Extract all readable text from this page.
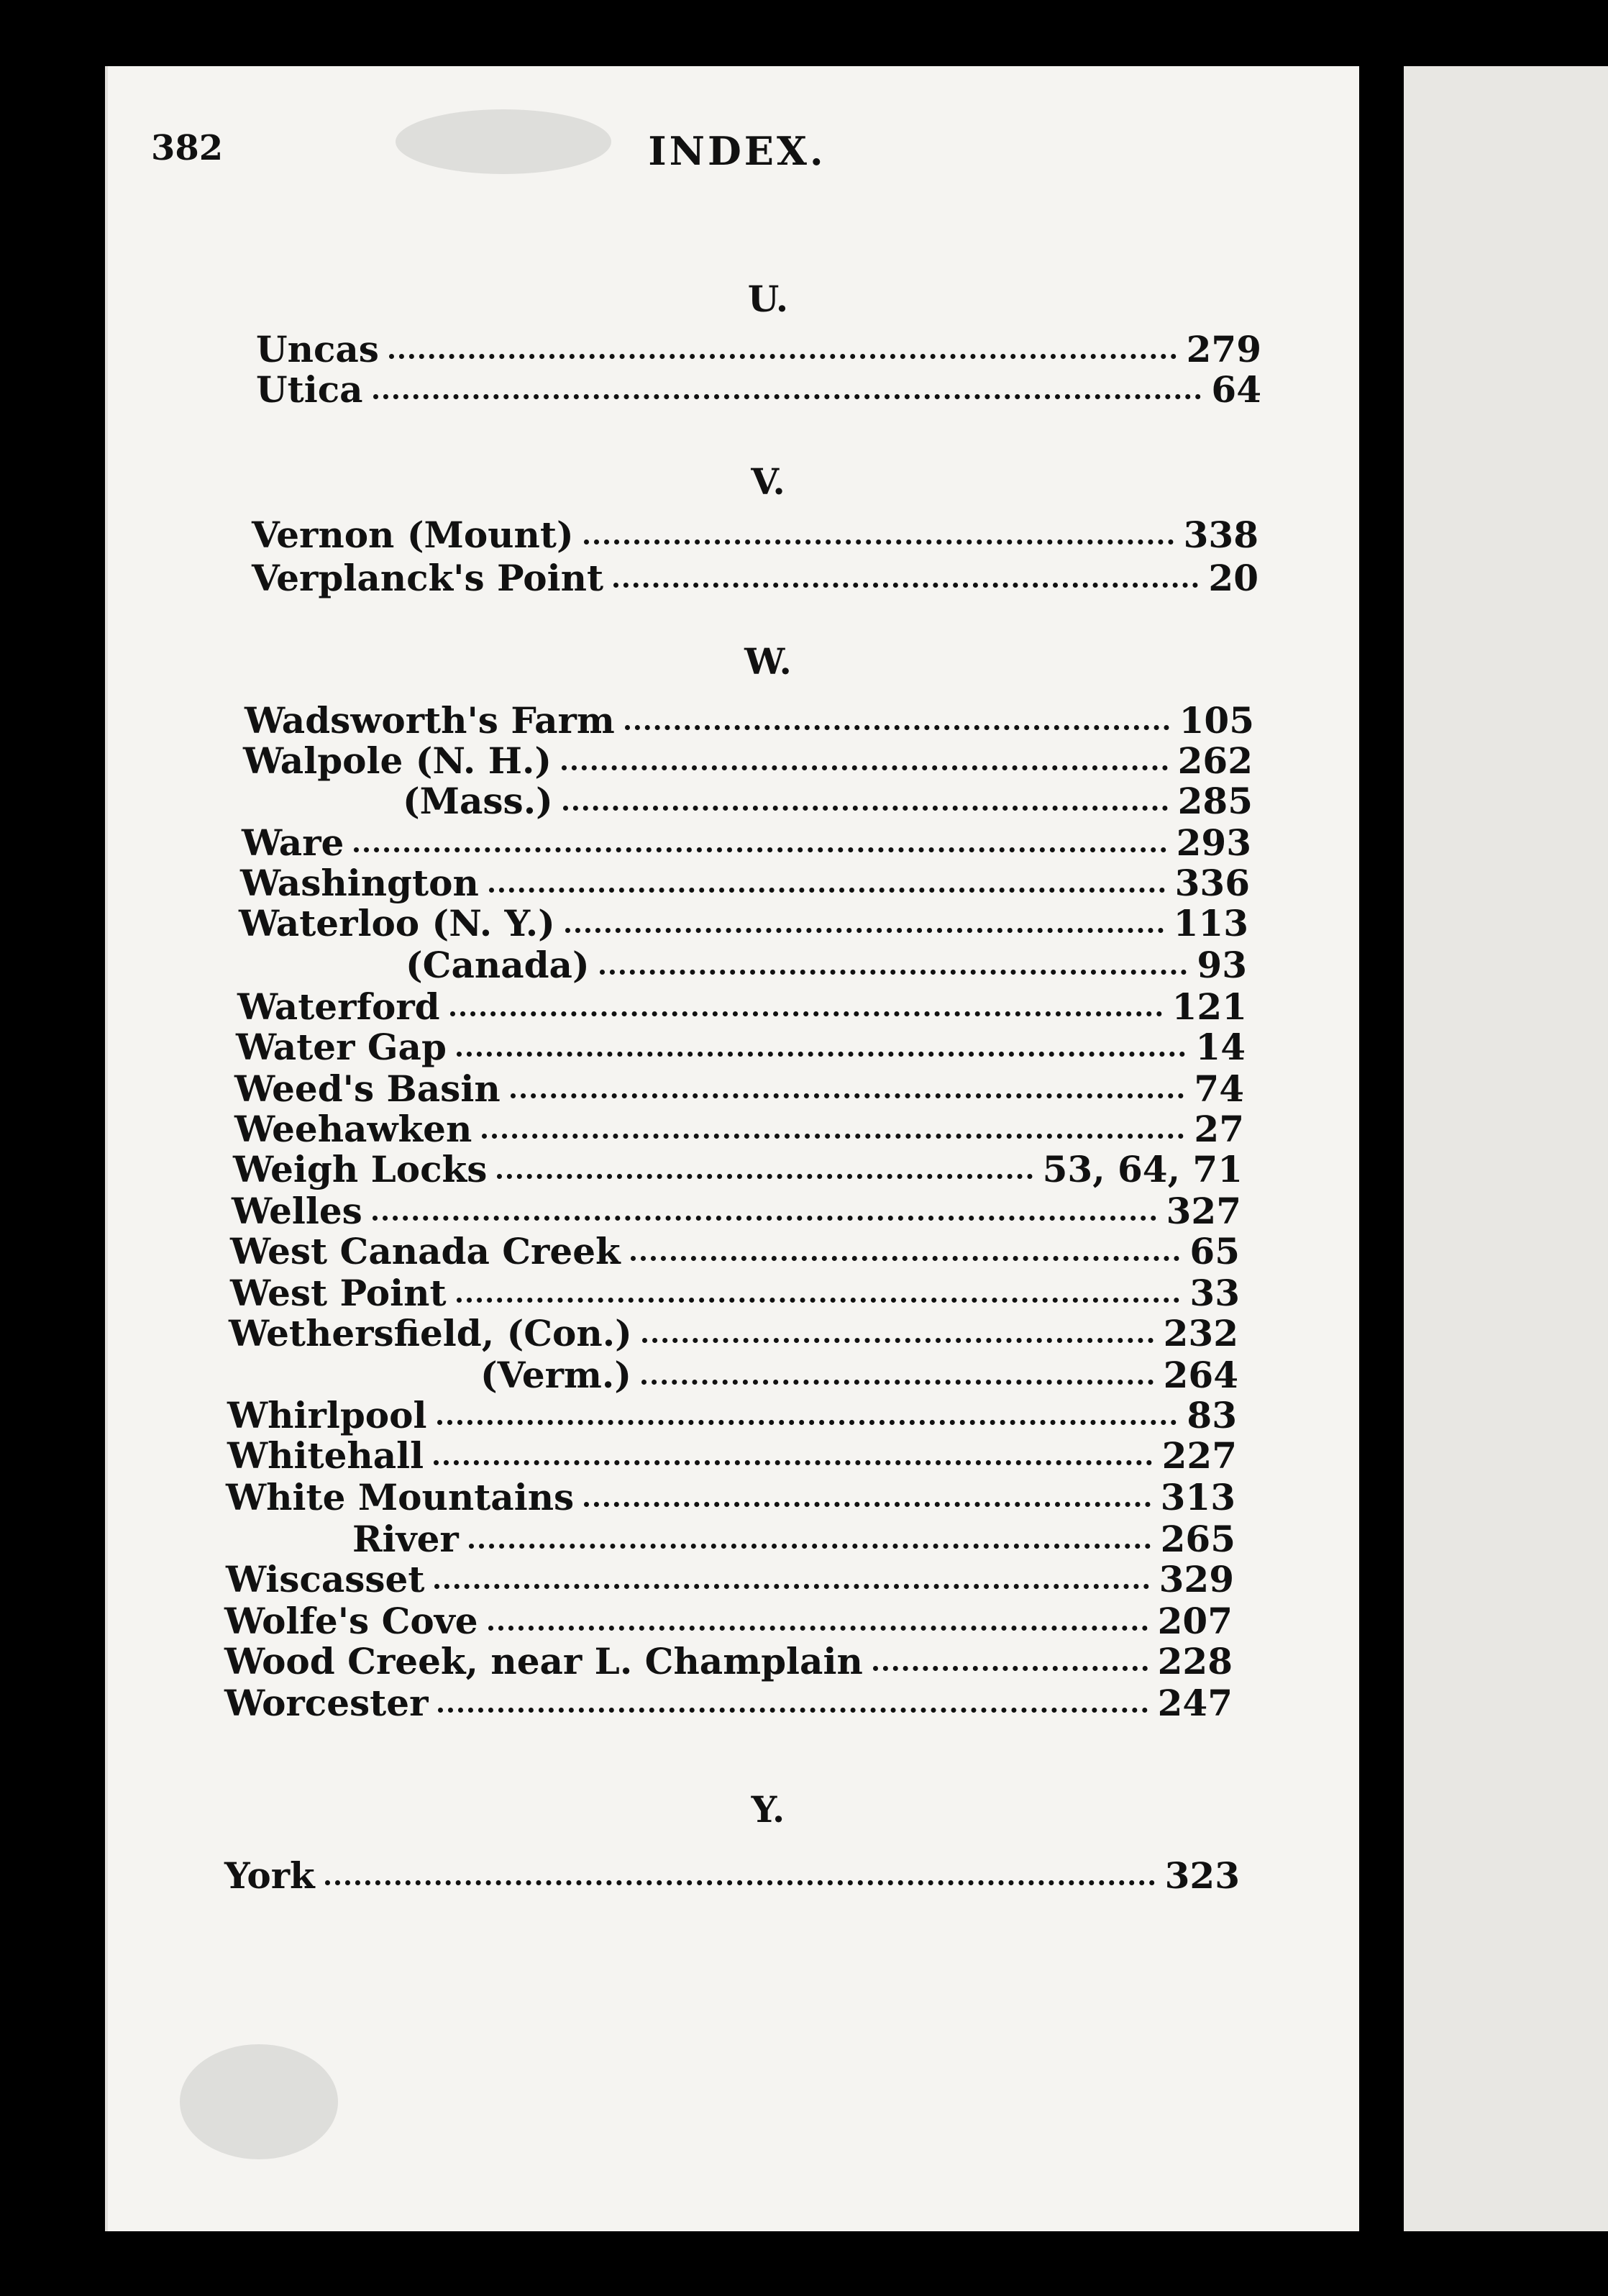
382	INDEX.
U.
Uncas	279
Utica	64
V.
Vernon (Mount)	338
Verplanck's Point	20
W.
Wadsworth's Farm	105
Walpole (N. H.)	262
(Mass.)	285
Ware	293
Washington	336
Waterloo (N. Y.)	113
(Canada)	93
Waterford	121
Water Gap	14
Weed's Basin	74
Weehawken	27
Weigh Locks	53, 64, 71
Welles	327
West Canada Creek	65
West Point	33
Wethersfield, (Con.)	232
(Verm.)	264
Whirlpool	83
Whitehall	227
White Mountains	313
River	265
Wiscasset	329
Wolfe's Cove	207
Wood Creek, near L. Champlain	228
Worcester	247
Y.
York	323
